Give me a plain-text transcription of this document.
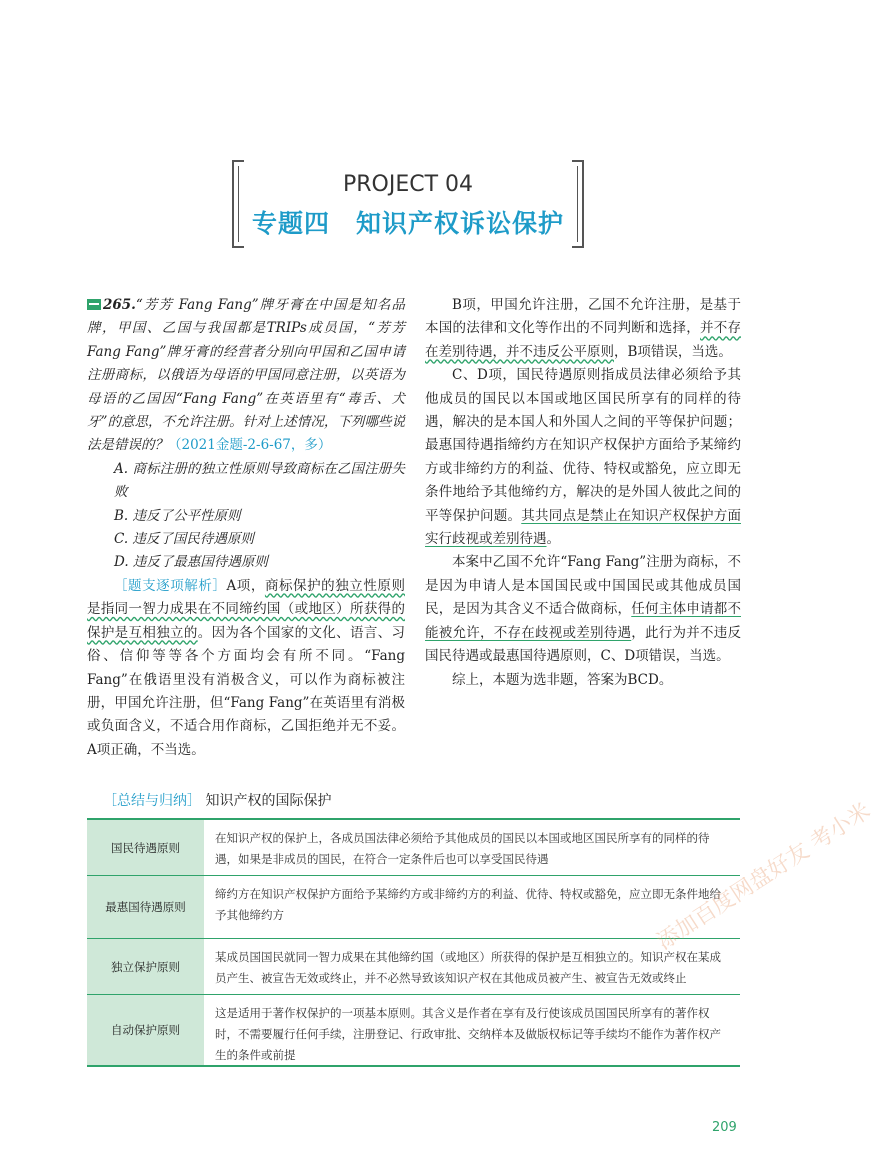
PROJECT 04
专题四 知识产权诉讼保护

265.“芳芳 Fang Fang”牌牙膏在中国是知名品牌，甲国、乙国与我国都是TRIPs成员国，“芳芳Fang Fang”牌牙膏的经营者分别向甲国和乙国申请注册商标，以俄语为母语的甲国同意注册，以英语为母语的乙国因“Fang Fang”在英语里有“毒舌、犬牙”的意思，不允许注册。针对上述情况，下列哪些说法是错误的？（2021金题-2-6-67，多）

A. 商标注册的独立性原则导致商标在乙国注册失败

B. 违反了公平性原则

C. 违反了国民待遇原则

D. 违反了最惠国待遇原则

［题支逐项解析］A项，商标保护的独立性原则是指同一智力成果在不同缔约国（或地区）所获得的保护是互相独立的。因为各个国家的文化、语言、习俗、信仰等等各个方面均会有所不同。“Fang Fang”在俄语里没有消极含义，可以作为商标被注册，甲国允许注册，但“Fang Fang”在英语里有消极或负面含义，不适合用作商标，乙国拒绝并无不妥。A项正确，不当选。

B项，甲国允许注册，乙国不允许注册，是基于本国的法律和文化等作出的不同判断和选择，并不存在差别待遇，并不违反公平原则，B项错误，当选。

C、D项，国民待遇原则指成员法律必须给予其他成员的国民以本国或地区国民所享有的同样的待遇，解决的是本国人和外国人之间的平等保护问题；最惠国待遇指缔约方在知识产权保护方面给予某缔约方或非缔约方的利益、优待、特权或豁免，应立即无条件地给予其他缔约方，解决的是外国人彼此之间的平等保护问题。其共同点是禁止在知识产权保护方面实行歧视或差别待遇。

本案中乙国不允许“Fang Fang”注册为商标，不是因为申请人是本国国民或中国国民或其他成员国民，是因为其含义不适合做商标，任何主体申请都不能被允许，不存在歧视或差别待遇，此行为并不违反国民待遇或最惠国待遇原则，C、D项错误，当选。

综上，本题为选非题，答案为BCD。

［总结与归纳］ 知识产权的国际保护
国民待遇原则
在知识产权的保护上，各成员国法律必须给予其他成员的国民以本国或地区国民所享有的同样的待遇，如果是非成员的国民，在符合一定条件后也可以享受国民待遇
最惠国待遇原则
缔约方在知识产权保护方面给予某缔约方或非缔约方的利益、优待、特权或豁免，应立即无条件地给予其他缔约方
独立保护原则
某成员国国民就同一智力成果在其他缔约国（或地区）所获得的保护是互相独立的。知识产权在某成员产生、被宣告无效或终止，并不必然导致该知识产权在其他成员被产生、被宣告无效或终止
自动保护原则
这是适用于著作权保护的一项基本原则。其含义是作者在享有及行使该成员国国民所享有的著作权时，不需要履行任何手续，注册登记、行政审批、交纳样本及做版权标记等手续均不能作为著作权产生的条件或前提
添加百度网盘好友 考小米
209
